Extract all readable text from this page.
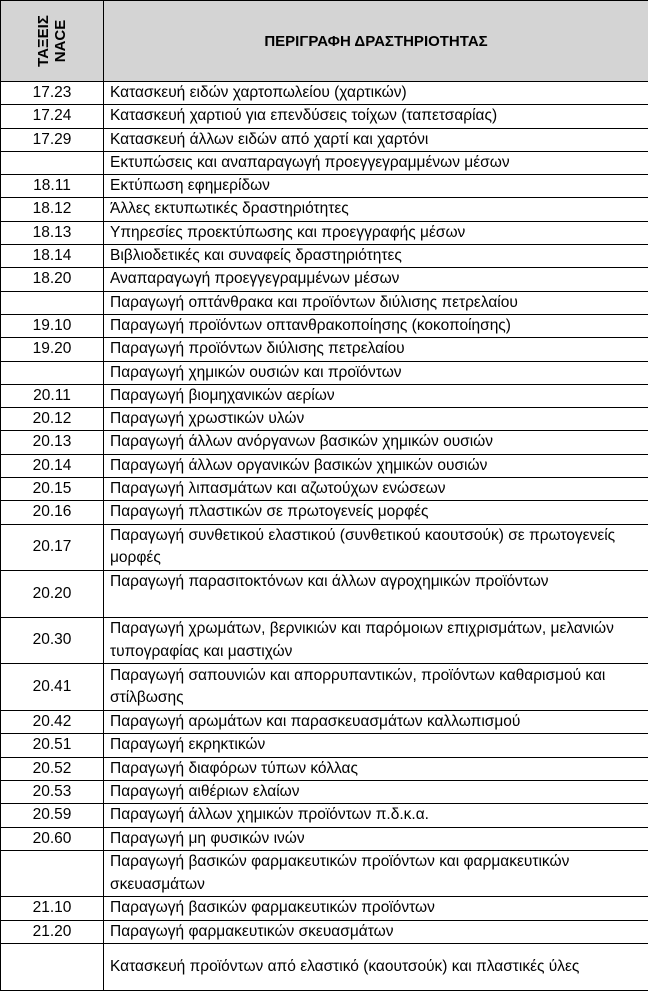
ΤΑΞΕΙΣ NACE	ΠΕΡΙΓΡΑΦΗ ΔΡΑΣΤΗΡΙΟΤΗΤΑΣ
17.23	Κατασκευή ειδών χαρτοπωλείου (χαρτικών)
17.24	Κατασκευή χαρτιού για επενδύσεις τοίχων (ταπετσαρίας)
17.29	Κατασκευή άλλων ειδών από χαρτί και χαρτόνι
	Εκτυπώσεις και αναπαραγωγή προεγγεγραμμένων μέσων
18.11	Εκτύπωση εφημερίδων
18.12	Άλλες εκτυπωτικές δραστηριότητες
18.13	Υπηρεσίες προεκτύπωσης και προεγγραφής μέσων
18.14	Βιβλιοδετικές και συναφείς δραστηριότητες
18.20	Αναπαραγωγή προεγγεγραμμένων μέσων
	Παραγωγή οπτάνθρακα και προϊόντων διύλισης πετρελαίου
19.10	Παραγωγή προϊόντων οπτανθρακοποίησης (κοκοποίησης)
19.20	Παραγωγή προϊόντων διύλισης πετρελαίου
	Παραγωγή χημικών ουσιών και προϊόντων
20.11	Παραγωγή βιομηχανικών αερίων
20.12	Παραγωγή χρωστικών υλών
20.13	Παραγωγή άλλων ανόργανων βασικών χημικών ουσιών
20.14	Παραγωγή άλλων οργανικών βασικών χημικών ουσιών
20.15	Παραγωγή λιπασμάτων και αζωτούχων ενώσεων
20.16	Παραγωγή πλαστικών σε πρωτογενείς μορφές
20.17	Παραγωγή συνθετικού ελαστικού (συνθετικού καουτσούκ) σε πρωτογενείς μορφές
20.20	Παραγωγή παρασιτοκτόνων και άλλων αγροχημικών προϊόντων
20.30	Παραγωγή χρωμάτων, βερνικιών και παρόμοιων επιχρισμάτων, μελανιών τυπογραφίας και μαστιχών
20.41	Παραγωγή σαπουνιών και απορρυπαντικών, προϊόντων καθαρισμού και στίλβωσης
20.42	Παραγωγή αρωμάτων και παρασκευασμάτων καλλωπισμού
20.51	Παραγωγή εκρηκτικών
20.52	Παραγωγή διαφόρων τύπων κόλλας
20.53	Παραγωγή αιθέριων ελαίων
20.59	Παραγωγή άλλων χημικών προϊόντων π.δ.κ.α.
20.60	Παραγωγή μη φυσικών ινών
	Παραγωγή βασικών φαρμακευτικών προϊόντων και φαρμακευτικών σκευασμάτων
21.10	Παραγωγή βασικών φαρμακευτικών προϊόντων
21.20	Παραγωγή φαρμακευτικών σκευασμάτων
	Κατασκευή προϊόντων από ελαστικό (καουτσούκ) και πλαστικές ύλες
